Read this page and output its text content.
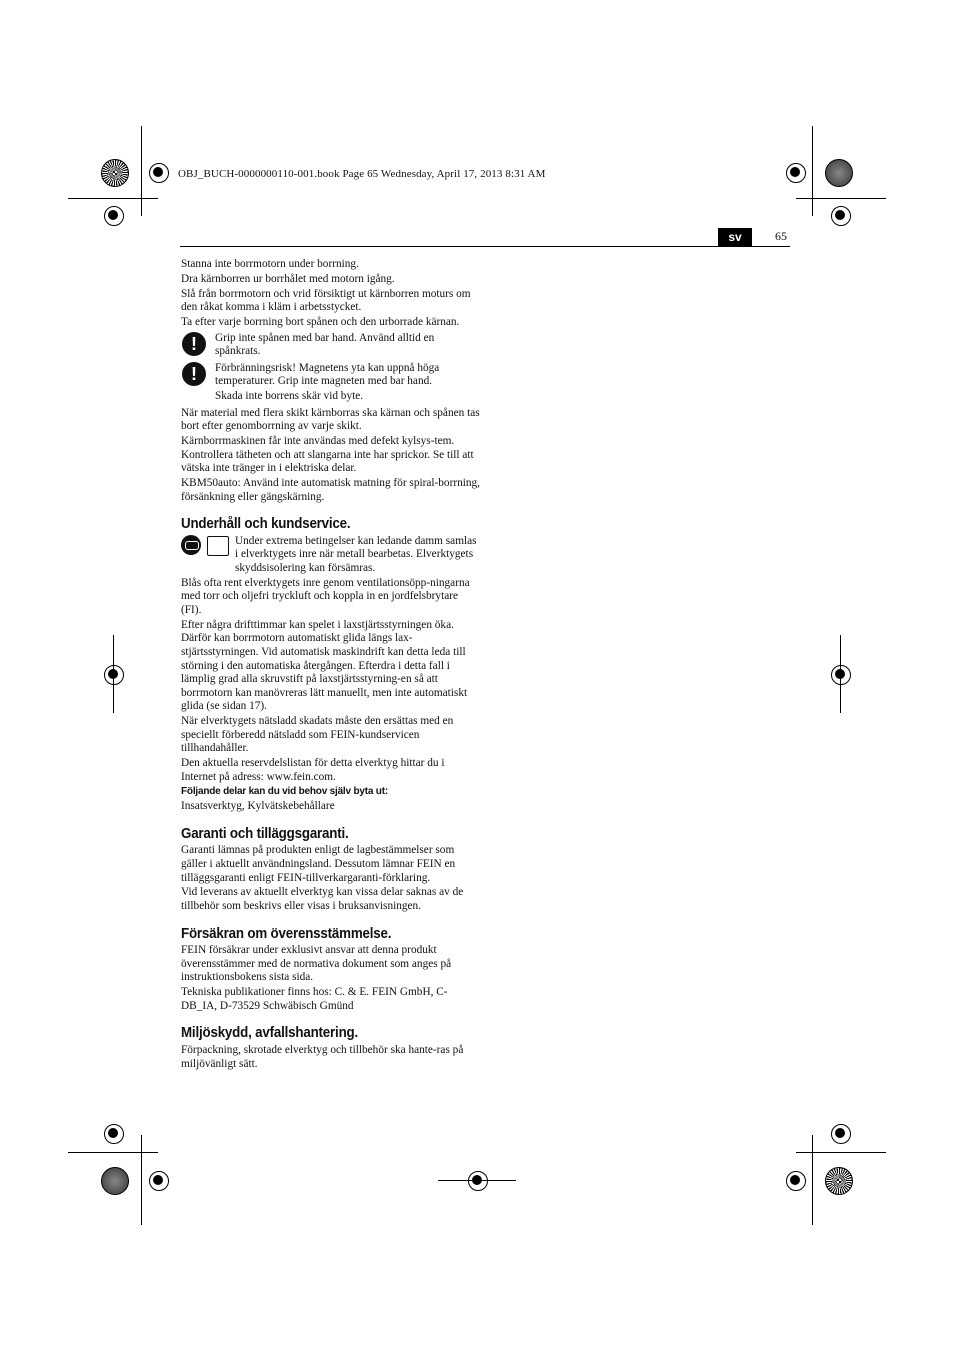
OBJ_BUCH-0000000110-001.book Page 65 Wednesday, April 17, 2013 8:31 AM
sv	65

Stanna inte borrmotorn under borrning.

Dra kärnborren ur borrhålet med motorn igång.

Slå från borrmotorn och vrid försiktigt ut kärnborren moturs om den råkat komma i kläm i arbetsstycket.

Ta efter varje borrning bort spånen och den urborrade kärnan.

!	Grip inte spånen med bar hand. Använd alltid en spånkrats.

!	Förbränningsrisk! Magnetens yta kan uppnå höga temperaturer. Grip inte magneten med bar hand.

Skada inte borrens skär vid byte.

När material med flera skikt kärnborras ska kärnan och spånen tas bort efter genomborrning av varje skikt.

Kärnborrmaskinen får inte användas med defekt kylsys-tem. Kontrollera tätheten och att slangarna inte har sprickor. Se till att vätska inte tränger in i elektriska delar.

KBM50auto: Använd inte automatisk matning för spiral-borrning, försänkning eller gängskärning.

Underhåll och kundservice.

Under extrema betingelser kan ledande damm samlas i elverktygets inre när metall bearbetas. Elverktygets skyddsisolering kan försämras.

Blås ofta rent elverktygets inre genom ventilationsöpp-ningarna med torr och oljefri tryckluft och koppla in en jordfelsbrytare (FI).

Efter några drifttimmar kan spelet i laxstjärtsstyrningen öka. Därför kan borrmotorn automatiskt glida längs lax-stjärtsstyrningen. Vid automatisk maskindrift kan detta leda till störning i den automatiska återgången. Efterdra i detta fall i lämplig grad alla skruvstift på laxstjärtsstyrning-en så att borrmotorn kan manövreras lätt manuellt, men inte automatiskt glida (se sidan 17).

När elverktygets nätsladd skadats måste den ersättas med en speciellt förberedd nätsladd som FEIN-kundservicen tillhandahåller.

Den aktuella reservdelslistan för detta elverktyg hittar du i Internet på adress: www.fein.com.

Följande delar kan du vid behov själv byta ut:

Insatsverktyg, Kylvätskebehållare

Garanti och tilläggsgaranti.

Garanti lämnas på produkten enligt de lagbestämmelser som gäller i aktuellt användningsland. Dessutom lämnar FEIN en tilläggsgaranti enligt FEIN-tillverkargaranti-förklaring.

Vid leverans av aktuellt elverktyg kan vissa delar saknas av de tillbehör som beskrivs eller visas i bruksanvisningen.

Försäkran om överensstämmelse.

FEIN försäkrar under exklusivt ansvar att denna produkt överensstämmer med de normativa dokument som anges på instruktionsbokens sista sida.

Tekniska publikationer finns hos: C. & E. FEIN GmbH, C-DB_IA, D-73529 Schwäbisch Gmünd

Miljöskydd, avfallshantering.

Förpackning, skrotade elverktyg och tillbehör ska hante-ras på miljövänligt sätt.
